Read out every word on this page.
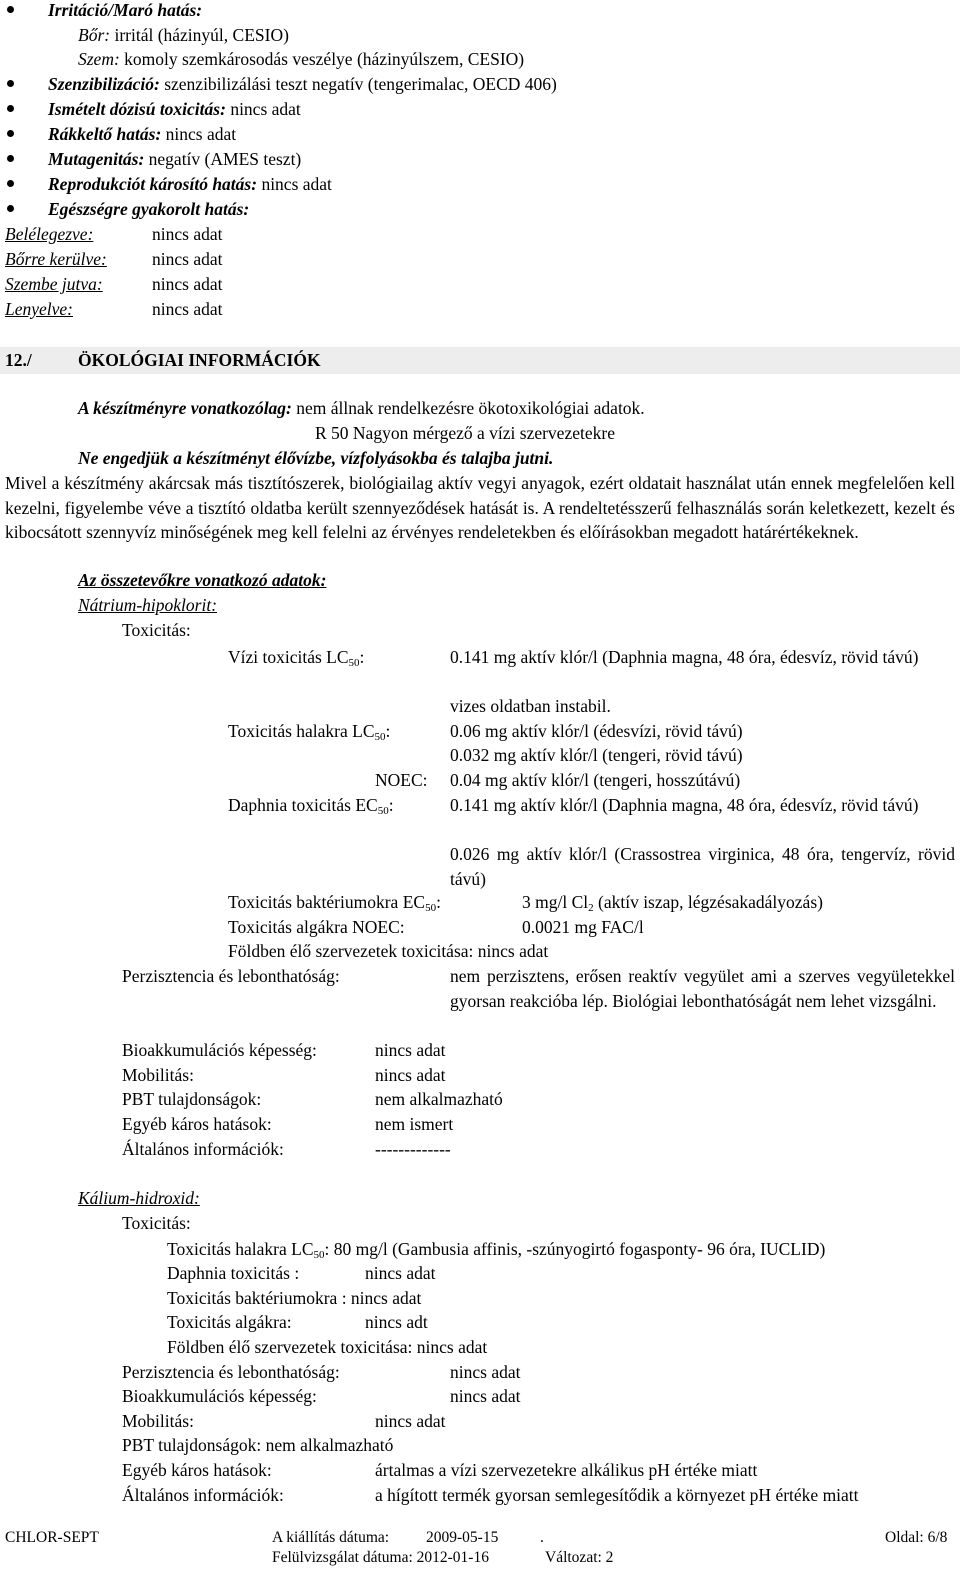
Irritáció/Maró hatás:
Bőr: irritál (házinyúl, CESIO)
Szem: komoly szemkárosodás veszélye (házinyúlszem, CESIO)
Szenzibilizáció: szenzibilizálási teszt negatív (tengerimalac, OECD 406)
Ismételt dózisú toxicitás: nincs adat
Rákkeltő hatás: nincs adat
Mutagenitás: negatív (AMES teszt)
Reprodukciót károsító hatás: nincs adat
Egészségre gyakorolt hatás:
Belélegezve:	nincs adat
Bőrre kerülve:	nincs adat
Szembe jutva:	nincs adat
Lenyelve:	nincs adat
12./	ÖKOLÓGIAI INFORMÁCIÓK
A készítményre vonatkozólag: nem állnak rendelkezésre ökotoxikológiai adatok.
R 50 Nagyon mérgező a vízi szervezetekre
Ne engedjük a készítményt élővízbe, vízfolyásokba és talajba jutni.
Mivel a készítmény akárcsak más tisztítószerek, biológiailag aktív vegyi anyagok, ezért oldatait használat után ennek megfelelően kell kezelni, figyelembe véve a tisztító oldatba került szennyeződések hatását is. A rendeltetésszerű felhasználás során keletkezett, kezelt és kibocsátott szennyvíz minőségének meg kell felelni az érvényes rendeletekben és előírásokban megadott határértékeknek.
Az összetevőkre vonatkozó adatok:
Nátrium-hipoklorit:
Toxicitás:
Vízi toxicitás $LC_{50}$:	0.141 mg aktív klór/l (Daphnia magna, 48 óra, édesvíz, rövid távú)
vizes oldatban instabil.
Toxicitás halakra $LC_{50}$:	0.06 mg aktív klór/l (édesvízi, rövid távú)
0.032 mg aktív klór/l (tengeri, rövid távú)
NOEC: 0.04 mg aktív klór/l (tengeri, hosszútávú)
Daphnia toxicitás $EC_{50}$:	0.141 mg aktív klór/l (Daphnia magna, 48 óra, édesvíz, rövid távú)
0.026 mg aktív klór/l (Crassostrea virginica, 48 óra, tengervíz, rövid távú)
Toxicitás baktériumokra $EC_{50}$:	3 mg/l $Cl_2$ (aktív iszap, légzésakadályozás)
Toxicitás algákra NOEC:	0.0021 mg FAC/l
Földben élő szervezetek toxicitása: nincs adat
Perzisztencia és lebonthatóság:	nem perzisztens, erősen reaktív vegyület ami a szerves vegyületekkel gyorsan reakcióba lép. Biológiai lebonthatóságát nem lehet vizsgálni.
Bioakkumulációs képesség:	nincs adat
Mobilitás:	nincs adat
PBT tulajdonságok:	nem alkalmazható
Egyéb káros hatások:	nem ismert
Általános információk:	-------------
Kálium-hidroxid:
Toxicitás:
Toxicitás halakra $LC_{50}$: 80 mg/l (Gambusia affinis, -szúnyogirtó fogasponty- 96 óra, IUCLID)
Daphnia toxicitás :	nincs adat
Toxicitás baktériumokra : nincs adat
Toxicitás algákra:	nincs adt
Földben élő szervezetek toxicitása: nincs adat
Perzisztencia és lebonthatóság:	nincs adat
Bioakkumulációs képesség:	nincs adat
Mobilitás:	nincs adat
PBT tulajdonságok: nem alkalmazható
Egyéb káros hatások:	ártalmas a vízi szervezetekre alkálikus pH értéke miatt
Általános információk:	a hígított termék gyorsan semlegesítődik a környezet pH értéke miatt
CHLOR-SEPT	A kiállítás dátuma: 2009-05-15	.	Oldal: 6/8
Felülvizsgálat dátuma: 2012-01-16	Változat: 2
